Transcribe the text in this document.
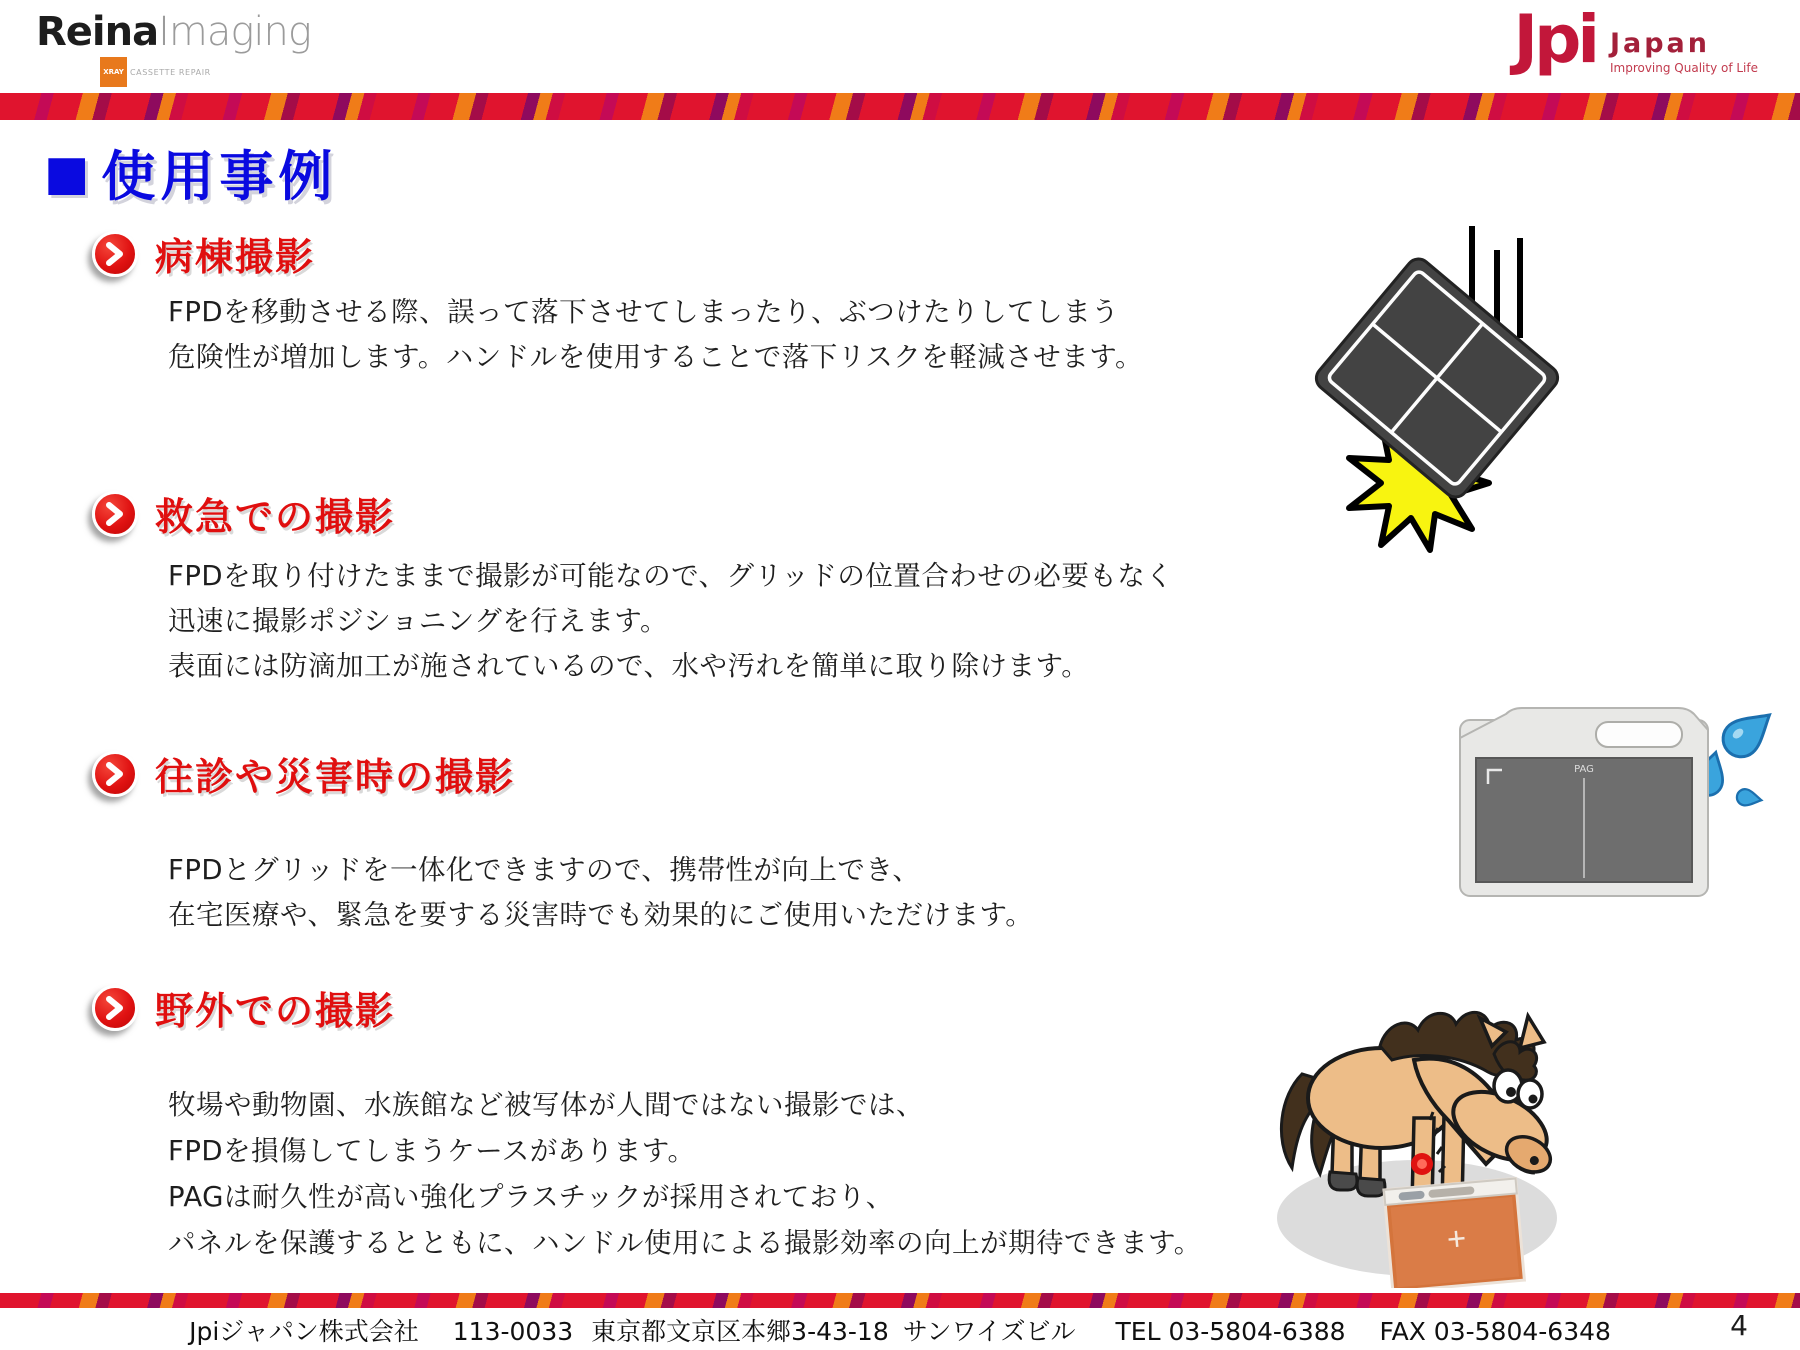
ReinaImaging
XRAY CASSETTE REPAIR	Jpi Japan
Improving Quality of Life
■ 使用事例
病棟撮影
FPDを移動させる際、誤って落下させてしまったり、ぶつけたりしてしまう
危険性が増加します。ハンドルを使用することで落下リスクを軽減させます。
救急での撮影
FPDを取り付けたままで撮影が可能なので、グリッドの位置合わせの必要もなく
迅速に撮影ポジショニングを行えます。
表面には防滴加工が施されているので、水や汚れを簡単に取り除けます。
往診や災害時の撮影
FPDとグリッドを一体化できますので、携帯性が向上でき、
在宅医療や、緊急を要する災害時でも効果的にご使用いただけます。
野外での撮影
牧場や動物園、水族館など被写体が人間ではない撮影では、
FPDを損傷してしまうケースがあります。
PAGは耐久性が高い強化プラスチックが採用されており、
パネルを保護するとともに、ハンドル使用による撮影効率の向上が期待できます。
PAG
Jpiジャパン株式会社 113-0033 東京都文京区本郷3-43-18 サンワイズビル TEL 03-5804-6388 FAX 03-5804-6348	4
